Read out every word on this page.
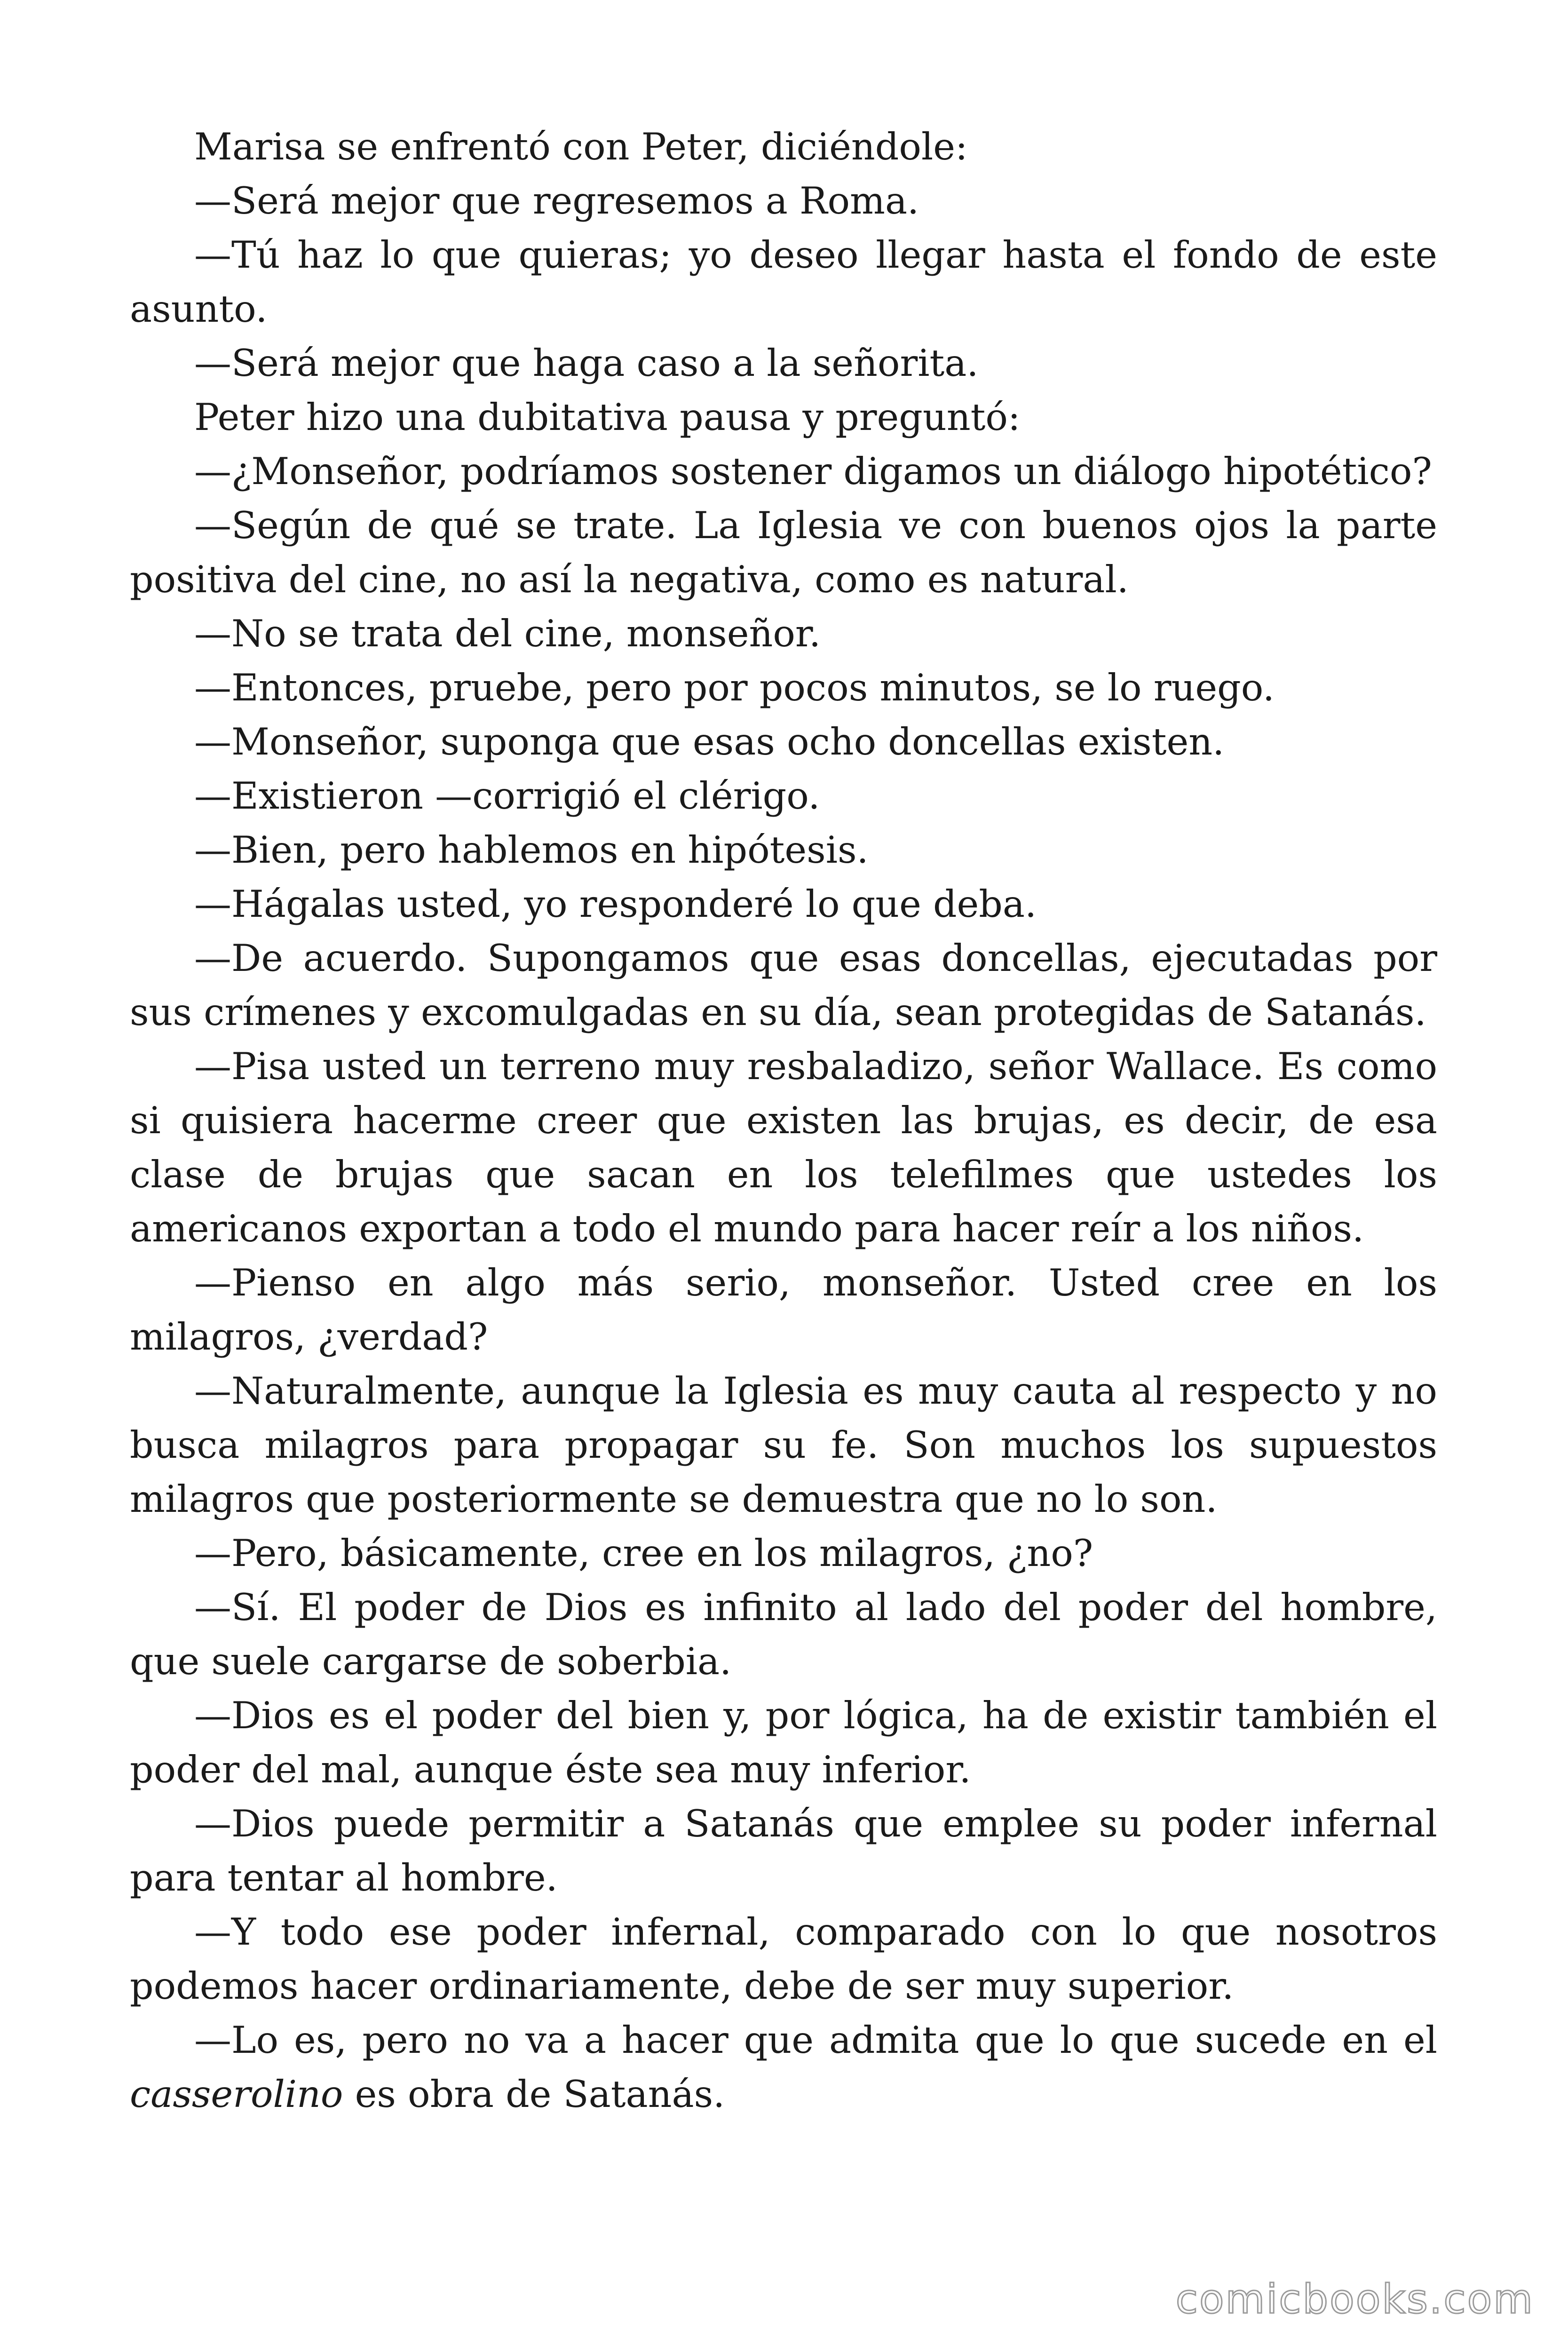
Marisa se enfrentó con Peter, diciéndole:

—Será mejor que regresemos a Roma.

—Tú haz lo que quieras; yo deseo llegar hasta el fondo de este asunto.

—Será mejor que haga caso a la señorita.

Peter hizo una dubitativa pausa y preguntó:

—¿Monseñor, podríamos sostener digamos un diálogo hipotético?

—Según de qué se trate. La Iglesia ve con buenos ojos la parte positiva del cine, no así la negativa, como es natural.

—No se trata del cine, monseñor.

—Entonces, pruebe, pero por pocos minutos, se lo ruego.

—Monseñor, suponga que esas ocho doncellas existen.

—Existieron —corrigió el clérigo.

—Bien, pero hablemos en hipótesis.

—Hágalas usted, yo responderé lo que deba.

—De acuerdo. Supongamos que esas doncellas, ejecutadas por sus crímenes y excomulgadas en su día, sean protegidas de Satanás.

—Pisa usted un terreno muy resbaladizo, señor Wallace. Es como si quisiera hacerme creer que existen las brujas, es decir, de esa clase de brujas que sacan en los telefilmes que ustedes los americanos exportan a todo el mundo para hacer reír a los niños.

—Pienso en algo más serio, monseñor. Usted cree en los milagros, ¿verdad?

—Naturalmente, aunque la Iglesia es muy cauta al respecto y no busca milagros para propagar su fe. Son muchos los supuestos milagros que posteriormente se demuestra que no lo son.

—Pero, básicamente, cree en los milagros, ¿no?

—Sí. El poder de Dios es infinito al lado del poder del hombre, que suele cargarse de soberbia.

—Dios es el poder del bien y, por lógica, ha de existir también el poder del mal, aunque éste sea muy inferior.

—Dios puede permitir a Satanás que emplee su poder infernal para tentar al hombre.

—Y todo ese poder infernal, comparado con lo que nosotros podemos hacer ordinariamente, debe de ser muy superior.

—Lo es, pero no va a hacer que admita que lo que sucede en el casserolino es obra de Satanás.

comicbooks.com
